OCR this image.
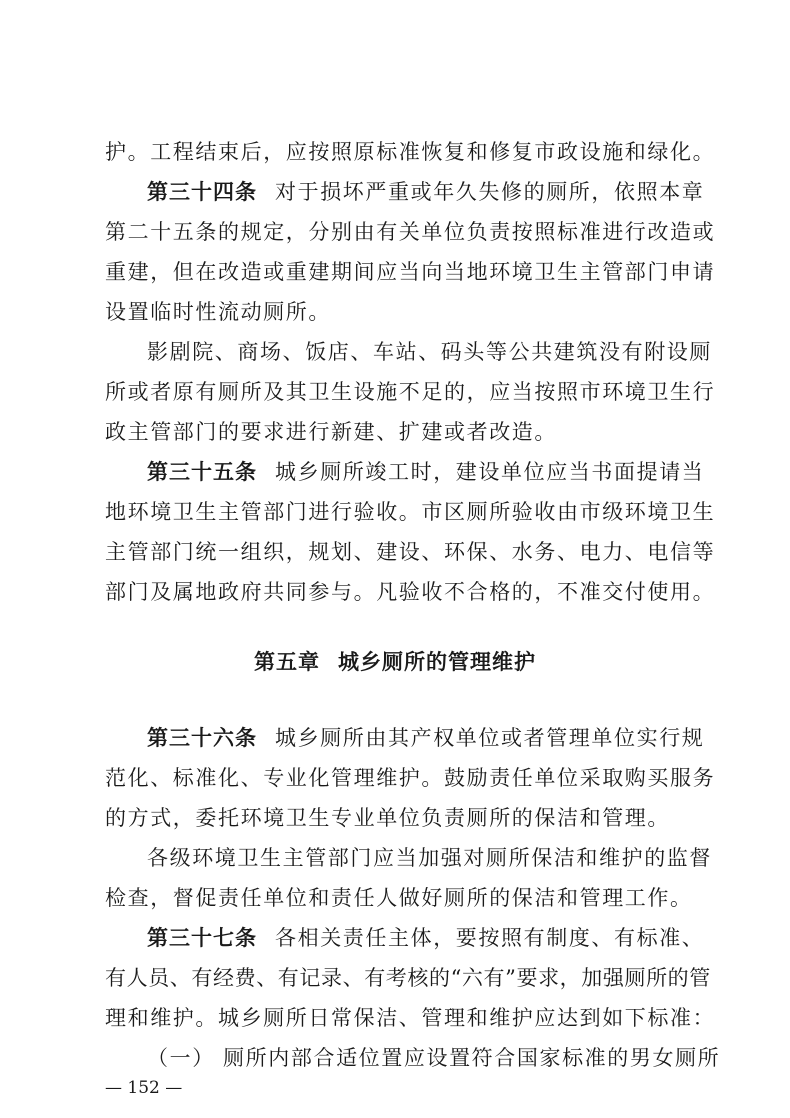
护。工程结束后，应按照原标准恢复和修复市政设施和绿化。
第三十四条 对于损坏严重或年久失修的厕所，依照本章
第二十五条的规定，分别由有关单位负责按照标准进行改造或
重建，但在改造或重建期间应当向当地环境卫生主管部门申请
设置临时性流动厕所。
影剧院、商场、饭店、车站、码头等公共建筑没有附设厕
所或者原有厕所及其卫生设施不足的，应当按照市环境卫生行
政主管部门的要求进行新建、扩建或者改造。
第三十五条 城乡厕所竣工时，建设单位应当书面提请当
地环境卫生主管部门进行验收。市区厕所验收由市级环境卫生
主管部门统一组织，规划、建设、环保、水务、电力、电信等
部门及属地政府共同参与。凡验收不合格的，不准交付使用。
第五章 城乡厕所的管理维护
第三十六条 城乡厕所由其产权单位或者管理单位实行规
范化、标准化、专业化管理维护。鼓励责任单位采取购买服务
的方式，委托环境卫生专业单位负责厕所的保洁和管理。
各级环境卫生主管部门应当加强对厕所保洁和维护的监督
检查，督促责任单位和责任人做好厕所的保洁和管理工作。
第三十七条 各相关责任主体，要按照有制度、有标准、
有人员、有经费、有记录、有考核的“六有”要求，加强厕所的管
理和维护。城乡厕所日常保洁、管理和维护应达到如下标准：
（一） 厕所内部合适位置应设置符合国家标准的男女厕所
— 152 —
